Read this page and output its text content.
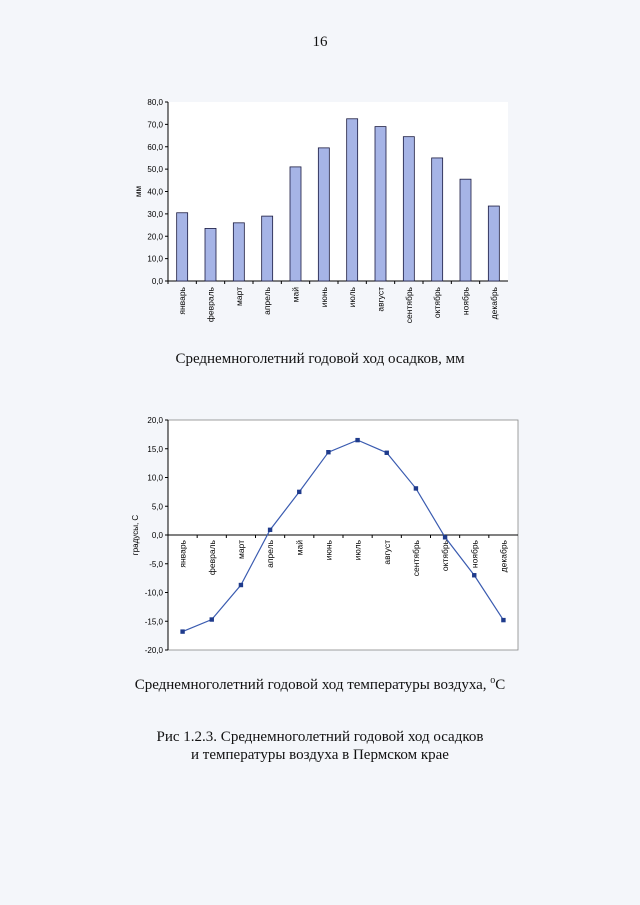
16
0,0
10,0
20,0
30,0
40,0
50,0
60,0
70,0
80,0
январь февраль март апрель май июнь июль август сентябрь октябрь ноябрь декабрь
мм
Среднемноголетний годовой ход осадков, мм
-20,0
-15,0
-10,0
-5,0
0,0
5,0
10,0
15,0
20,0
январь февраль март апрель май июнь июль август сентябрь октябрь ноябрь декабрь
градусы, С
Среднемноголетний годовой ход температуры воздуха, $^o$C
Рис 1.2.3. Среднемноголетний годовой ход осадков
и температуры воздуха в Пермском крае
